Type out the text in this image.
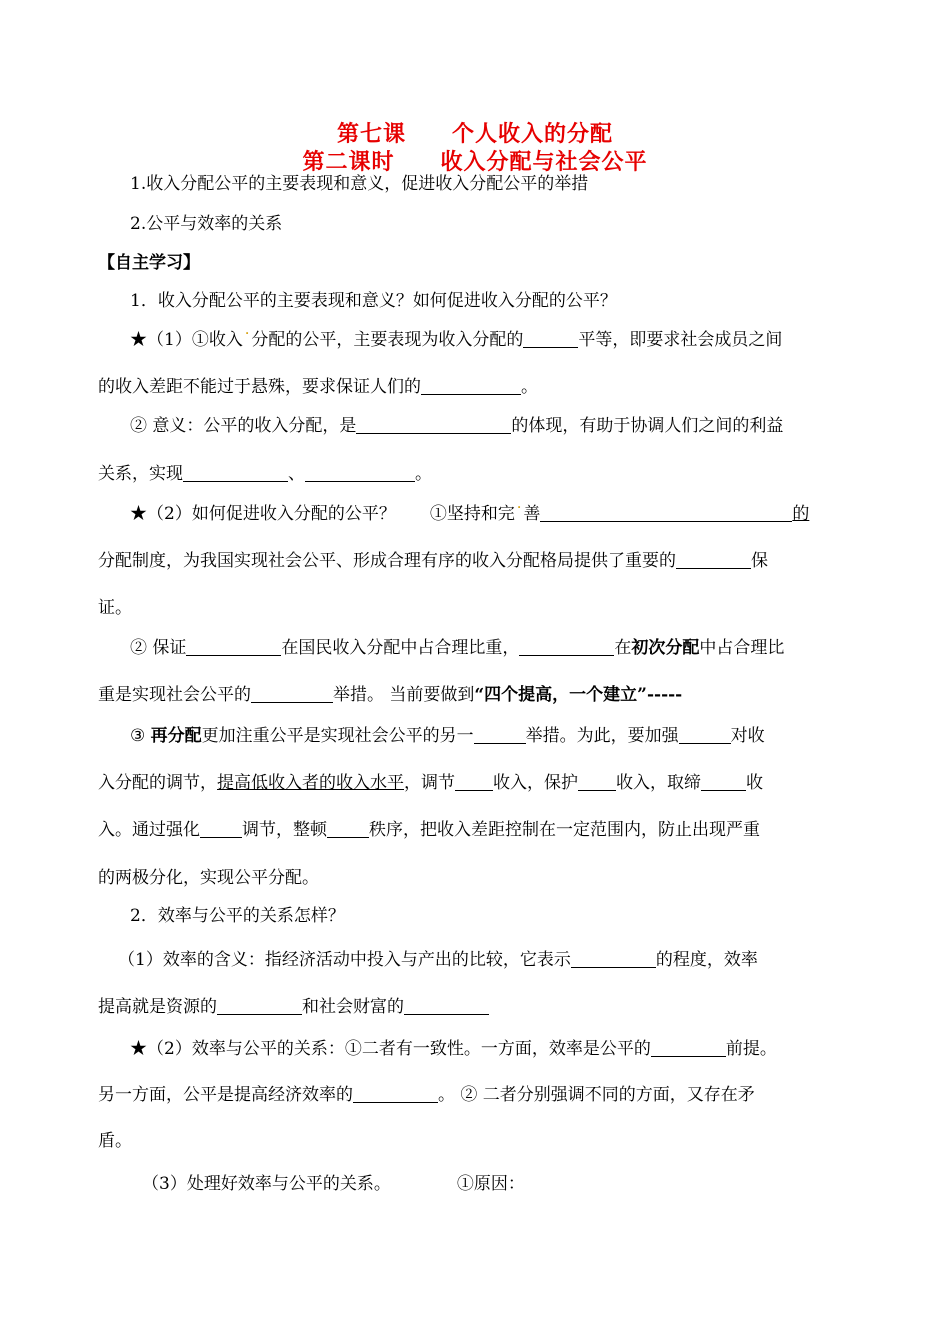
第七课　　个人收入的分配
第二课时　　收入分配与社会公平
1.收入分配公平的主要表现和意义，促进收入分配公平的举措
2.公平与效率的关系
【自主学习】
1．收入分配公平的主要表现和意义？如何促进收入分配的公平？
★（1）①收入˙分配的公平，主要表现为收入分配的	平等，即要求社会成员之间
的收入差距不能过于悬殊，要求保证人们的	。
② 意义：公平的收入分配，是	的体现，有助于协调人们之间的利益
关系，实现	、	。
★（2）如何促进收入分配的公平？　　①坚持和完˙善	的
分配制度，为我国实现社会公平、形成合理有序的收入分配格局提供了重要的	保
证。
② 保证	在国民收入分配中占合理比重，	在初次分配中占合理比
重是实现社会公平的	举措。 当前要做到“四个提高，一个建立”-----
③ 再分配更加注重公平是实现社会公平的另一	举措。为此，要加强	对收
入分配的调节，提高低收入者的收入水平，调节 收入，保护 收入，取缔	收
入。通过强化 调节，整顿 秩序，把收入差距控制在一定范围内，防止出现严重
的两极分化，实现公平分配。
2．效率与公平的关系怎样？
（1）效率的含义：指经济活动中投入与产出的比较，它表示	的程度，效率
提高就是资源的	和社会财富的
★（2）效率与公平的关系：①二者有一致性。一方面，效率是公平的	前提。
另一方面，公平是提高经济效率的	。 ② 二者分别强调不同的方面，又存在矛
盾。
（3）处理好效率与公平的关系。	①原因：
